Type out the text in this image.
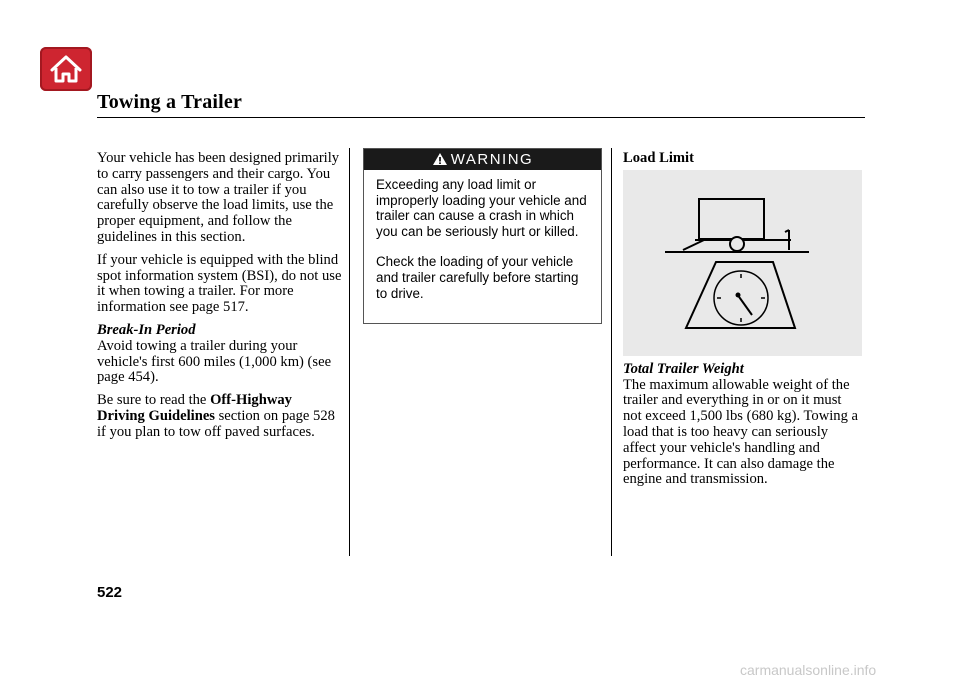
Towing a Trailer

Your vehicle has been designed primarily to carry passengers and their cargo. You can also use it to tow a trailer if you carefully observe the load limits, use the proper equipment, and follow the guidelines in this section.

If your vehicle is equipped with the blind spot information system (BSI), do not use it when towing a trailer. For more information see page 517.

Break-In Period
Avoid towing a trailer during your vehicle's first 600 miles (1,000 km) (see page 454).

Be sure to read the Off-Highway Driving Guidelines section on page 528 if you plan to tow off paved surfaces.

WARNING

Exceeding any load limit or improperly loading your vehicle and trailer can cause a crash in which you can be seriously hurt or killed.

Check the loading of your vehicle and trailer carefully before starting to drive.

Load Limit
Total Trailer Weight
The maximum allowable weight of the trailer and everything in or on it must not exceed 1,500 lbs (680 kg). Towing a load that is too heavy can seriously affect your vehicle's handling and performance. It can also damage the engine and transmission.
522
carmanualsonline.info
